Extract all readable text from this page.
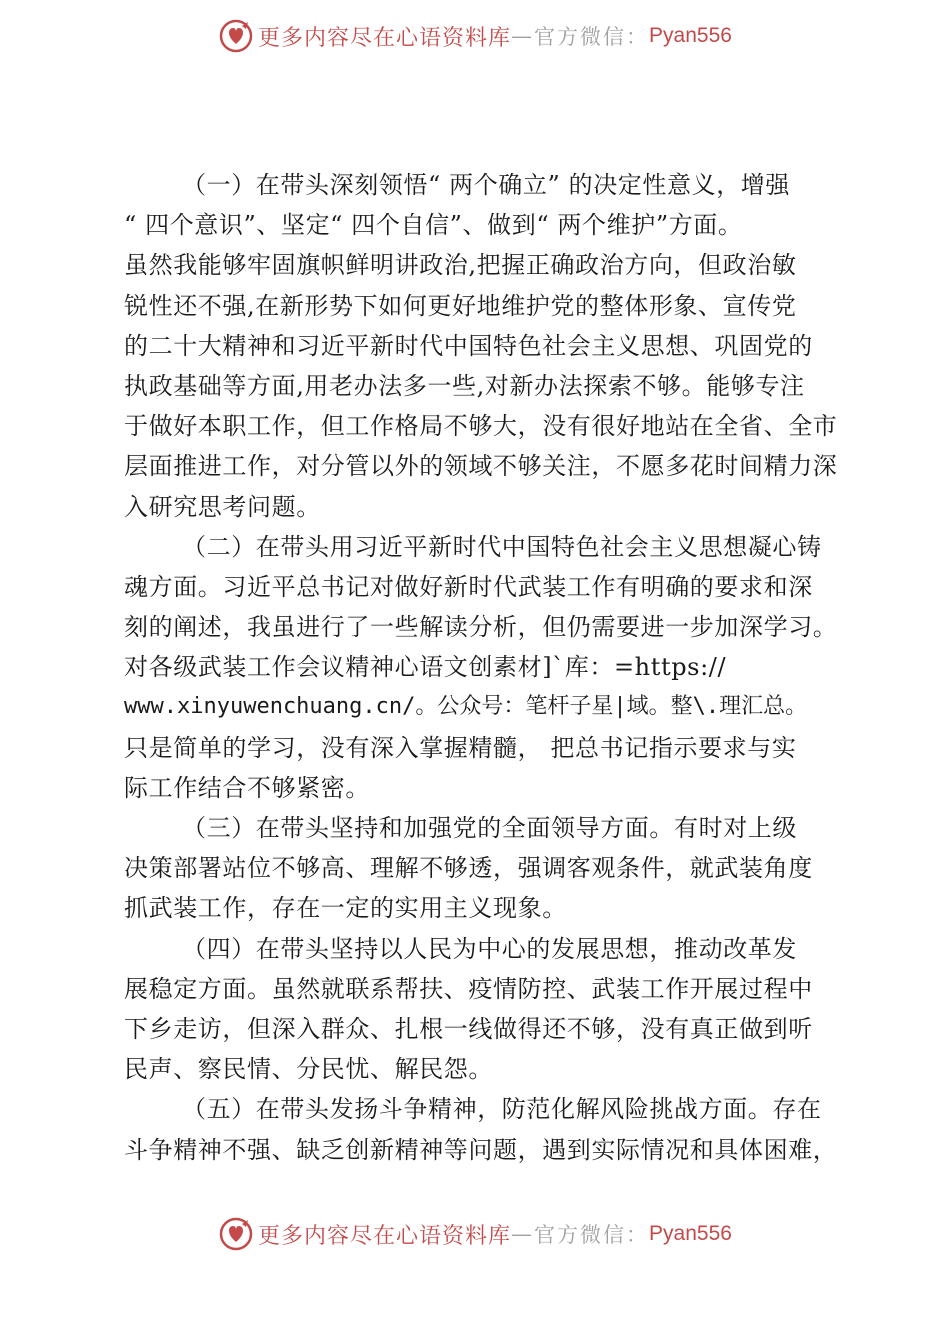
更多内容尽在心语资料库 — 官方微信： Pyan556
（一）在带头深刻领悟“ 两个确立” 的决定性意义，增强
“ 四个意识”、坚定“ 四个自信”、做到“ 两个维护”方面。
虽然我能够牢固旗帜鲜明讲政治,把握正确政治方向，但政治敏
锐性还不强,在新形势下如何更好地维护党的整体形象、宣传党
的二十大精神和习近平新时代中国特色社会主义思想、巩固党的
执政基础等方面,用老办法多一些,对新办法探索不够。能够专注
于做好本职工作，但工作格局不够大，没有很好地站在全省、全市
层面推进工作，对分管以外的领域不够关注，不愿多花时间精力深
入研究思考问题。
（二）在带头用习近平新时代中国特色社会主义思想凝心铸
魂方面。习近平总书记对做好新时代武装工作有明确的要求和深
刻的阐述，我虽进行了一些解读分析，但仍需要进一步加深学习。
对各级武装工作会议精神心语文创素材]`库：=https://
www.xinyuwenchuang.cn/。公众号：笔杆子星|域。整\.理汇总。
只是简单的学习，没有深入掌握精髓， 把总书记指示要求与实
际工作结合不够紧密。
（三）在带头坚持和加强党的全面领导方面。有时对上级
决策部署站位不够高、理解不够透，强调客观条件，就武装角度
抓武装工作，存在一定的实用主义现象。
（四）在带头坚持以人民为中心的发展思想，推动改革发
展稳定方面。虽然就联系帮扶、疫情防控、武装工作开展过程中
下乡走访，但深入群众、扎根一线做得还不够，没有真正做到听
民声、察民情、分民忧、解民怨。
（五）在带头发扬斗争精神，防范化解风险挑战方面。存在
斗争精神不强、缺乏创新精神等问题，遇到实际情况和具体困难，
更多内容尽在心语资料库 — 官方微信： Pyan556
